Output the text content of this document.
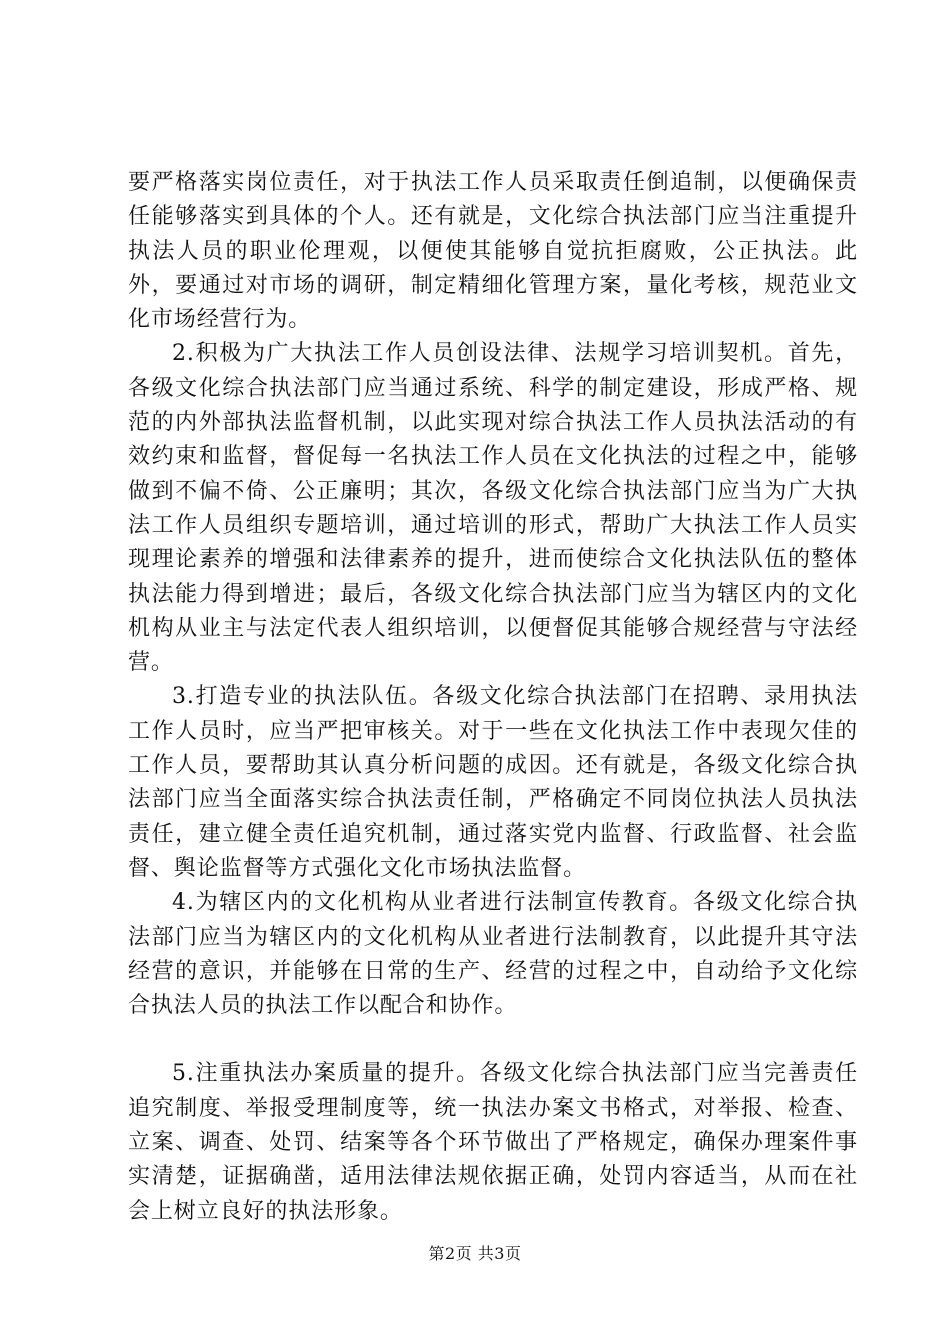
要严格落实岗位责任，对于执法工作人员采取责任倒追制，以便确保责任能够落实到具体的个人。还有就是，文化综合执法部门应当注重提升执法人员的职业伦理观，以便使其能够自觉抗拒腐败，公正执法。此外，要通过对市场的调研，制定精细化管理方案，量化考核，规范业文化市场经营行为。

2.积极为广大执法工作人员创设法律、法规学习培训契机。首先，各级文化综合执法部门应当通过系统、科学的制定建设，形成严格、规范的内外部执法监督机制，以此实现对综合执法工作人员执法活动的有效约束和监督，督促每一名执法工作人员在文化执法的过程之中，能够做到不偏不倚、公正廉明；其次，各级文化综合执法部门应当为广大执法工作人员组织专题培训，通过培训的形式，帮助广大执法工作人员实现理论素养的增强和法律素养的提升，进而使综合文化执法队伍的整体执法能力得到增进；最后，各级文化综合执法部门应当为辖区内的文化机构从业主与法定代表人组织培训，以便督促其能够合规经营与守法经营。

3.打造专业的执法队伍。各级文化综合执法部门在招聘、录用执法工作人员时，应当严把审核关。对于一些在文化执法工作中表现欠佳的工作人员，要帮助其认真分析问题的成因。还有就是，各级文化综合执法部门应当全面落实综合执法责任制，严格确定不同岗位执法人员执法责任，建立健全责任追究机制，通过落实党内监督、行政监督、社会监督、舆论监督等方式强化文化市场执法监督。

4.为辖区内的文化机构从业者进行法制宣传教育。各级文化综合执法部门应当为辖区内的文化机构从业者进行法制教育，以此提升其守法经营的意识，并能够在日常的生产、经营的过程之中，自动给予文化综合执法人员的执法工作以配合和协作。

5.注重执法办案质量的提升。各级文化综合执法部门应当完善责任追究制度、举报受理制度等，统一执法办案文书格式，对举报、检查、立案、调查、处罚、结案等各个环节做出了严格规定，确保办理案件事实清楚，证据确凿，适用法律法规依据正确，处罚内容适当，从而在社会上树立良好的执法形象。

第2页 共3页
